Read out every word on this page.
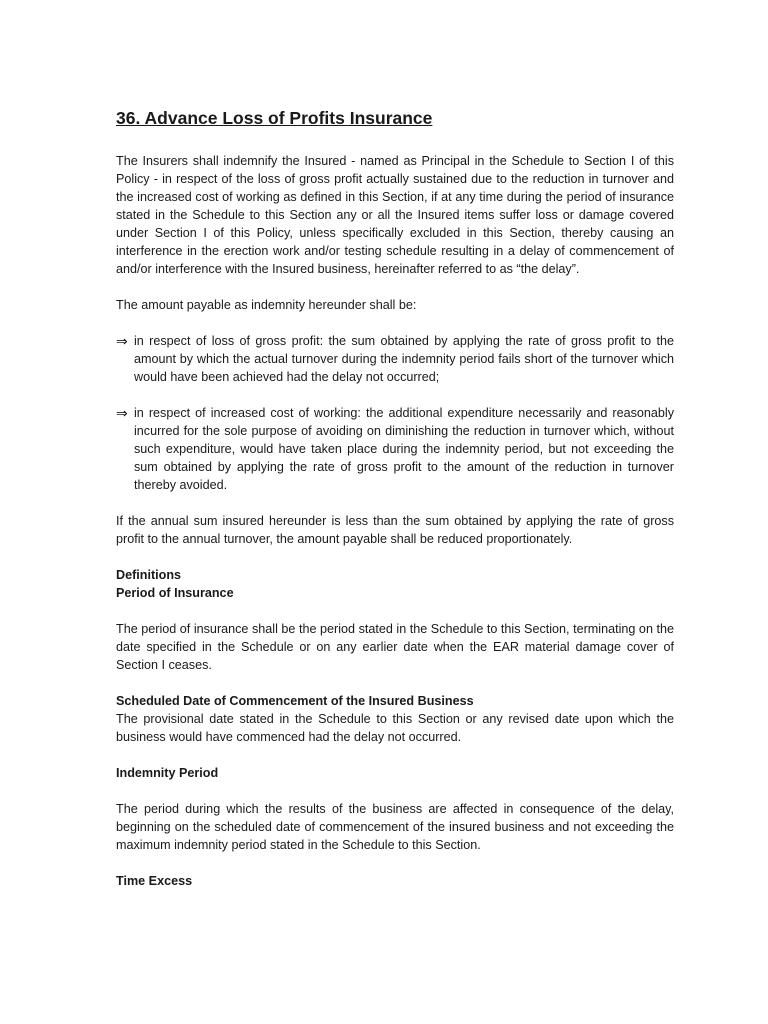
36. Advance Loss of Profits Insurance

The Insurers shall indemnify the Insured - named as Principal in the Schedule to Section I of this Policy - in respect of the loss of gross profit actually sustained due to the reduction in turnover and the increased cost of working as defined in this Section, if at any time during the period of insurance stated in the Schedule to this Section any or all the Insured items suffer loss or damage covered under Section I of this Policy, unless specifically excluded in this Section, thereby causing an interference in the erection work and/or testing schedule resulting in a delay of commencement of and/or interference with the Insured business, hereinafter referred to as “the delay”.

The amount payable as indemnity hereunder shall be:

⇒ in respect of loss of gross profit: the sum obtained by applying the rate of gross profit to the amount by which the actual turnover during the indemnity period fails short of the turnover which would have been achieved had the delay not occurred;

⇒ in respect of increased cost of working: the additional expenditure necessarily and reasonably incurred for the sole purpose of avoiding on diminishing the reduction in turnover which, without such expenditure, would have taken place during the indemnity period, but not exceeding the sum obtained by applying the rate of gross profit to the amount of the reduction in turnover thereby avoided.

If the annual sum insured hereunder is less than the sum obtained by applying the rate of gross profit to the annual turnover, the amount payable shall be reduced proportionately.

Definitions

Period of Insurance

The period of insurance shall be the period stated in the Schedule to this Section, terminating on the date specified in the Schedule or on any earlier date when the EAR material damage cover of Section I ceases.

Scheduled Date of Commencement of the Insured Business

The provisional date stated in the Schedule to this Section or any revised date upon which the business would have commenced had the delay not occurred.

Indemnity Period

The period during which the results of the business are affected in consequence of the delay, beginning on the scheduled date of commencement of the insured business and not exceeding the maximum indemnity period stated in the Schedule to this Section.

Time Excess
